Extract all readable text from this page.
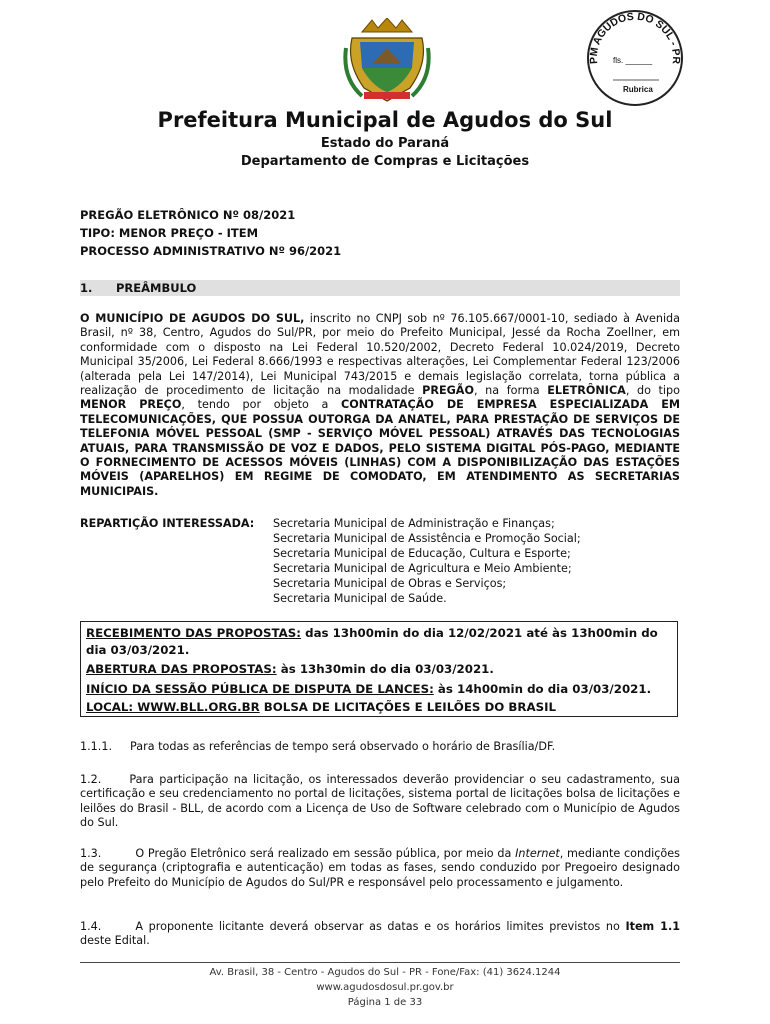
PM AGUDOS DO SUL - PR
fls. ______
Rubrica
Prefeitura Municipal de Agudos do Sul
Estado do Paraná
Departamento de Compras e Licitações
PREGÃO ELETRÔNICO Nº 08/2021
TIPO: MENOR PREÇO - ITEM
PROCESSO ADMINISTRATIVO Nº 96/2021
1. PREÂMBULO
O MUNICÍPIO DE AGUDOS DO SUL, inscrito no CNPJ sob nº 76.105.667/0001-10, sediado à Avenida Brasil, nº 38, Centro, Agudos do Sul/PR, por meio do Prefeito Municipal, Jessé da Rocha Zoellner, em conformidade com o disposto na Lei Federal 10.520/2002, Decreto Federal 10.024/2019, Decreto Municipal 35/2006, Lei Federal 8.666/1993 e respectivas alterações, Lei Complementar Federal 123/2006 (alterada pela Lei 147/2014), Lei Municipal 743/2015 e demais legislação correlata, torna pública a realização de procedimento de licitação na modalidade PREGÃO, na forma ELETRÔNICA, do tipo MENOR PREÇO, tendo por objeto a CONTRATAÇÃO DE EMPRESA ESPECIALIZADA EM TELECOMUNICAÇÕES, QUE POSSUA OUTORGA DA ANATEL, PARA PRESTAÇÃO DE SERVIÇOS DE TELEFONIA MÓVEL PESSOAL (SMP - SERVIÇO MÓVEL PESSOAL) ATRAVÉS DAS TECNOLOGIAS ATUAIS, PARA TRANSMISSÃO DE VOZ E DADOS, PELO SISTEMA DIGITAL PÓS-PAGO, MEDIANTE O FORNECIMENTO DE ACESSOS MÓVEIS (LINHAS) COM A DISPONIBILIZAÇÃO DAS ESTAÇÕES MÓVEIS (APARELHOS) EM REGIME DE COMODATO, EM ATENDIMENTO AS SECRETARIAS MUNICIPAIS.
REPARTIÇÃO INTERESSADA: Secretaria Municipal de Administração e Finanças;
Secretaria Municipal de Assistência e Promoção Social;
Secretaria Municipal de Educação, Cultura e Esporte;
Secretaria Municipal de Agricultura e Meio Ambiente;
Secretaria Municipal de Obras e Serviços;
Secretaria Municipal de Saúde.
RECEBIMENTO DAS PROPOSTAS: das 13h00min do dia 12/02/2021 até às 13h00min do
dia 03/03/2021.
ABERTURA DAS PROPOSTAS: às 13h30min do dia 03/03/2021.
INÍCIO DA SESSÃO PÚBLICA DE DISPUTA DE LANCES: às 14h00min do dia 03/03/2021.
LOCAL: WWW.BLL.ORG.BR BOLSA DE LICITAÇÕES E LEILÕES DO BRASIL
1.1.1. Para todas as referências de tempo será observado o horário de Brasília/DF.
1.2.	Para participação na licitação, os interessados deverão providenciar o seu cadastramento, sua certificação e seu credenciamento no portal de licitações, sistema portal de licitações bolsa de licitações e leilões do Brasil - BLL, de acordo com a Licença de Uso de Software celebrado com o Município de Agudos do Sul.
1.3.	O Pregão Eletrônico será realizado em sessão pública, por meio da Internet, mediante condições de segurança (criptografia e autenticação) em todas as fases, sendo conduzido por Pregoeiro designado pelo Prefeito do Município de Agudos do Sul/PR e responsável pelo processamento e julgamento.
1.4.	A proponente licitante deverá observar as datas e os horários limites previstos no Item 1.1 deste Edital.
Av. Brasil, 38 - Centro - Agudos do Sul - PR - Fone/Fax: (41) 3624.1244
www.agudosdosul.pr.gov.br
Página 1 de 33
